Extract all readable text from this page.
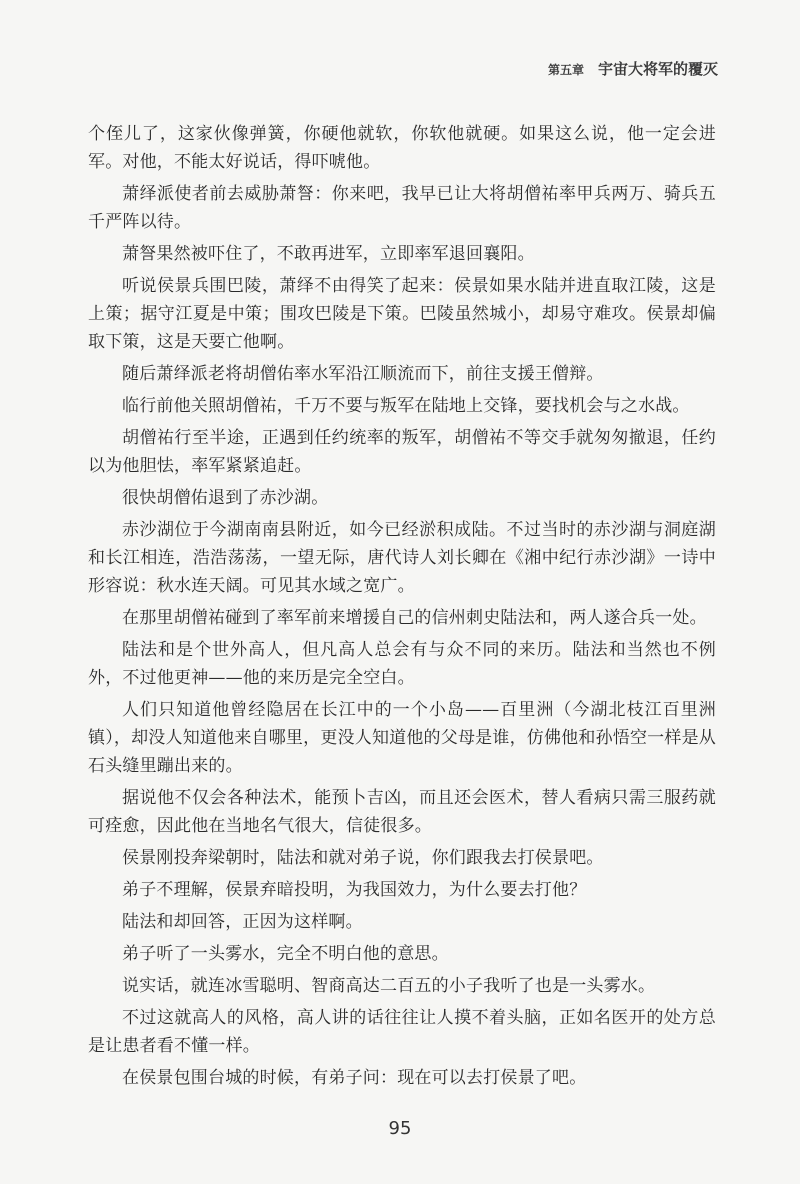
第五章 宇宙大将军的覆灭

个侄儿了，这家伙像弹簧，你硬他就软，你软他就硬。如果这么说，他一定会进军。对他，不能太好说话，得吓唬他。

萧绎派使者前去威胁萧詧：你来吧，我早已让大将胡僧祐率甲兵两万、骑兵五千严阵以待。

萧詧果然被吓住了，不敢再进军，立即率军退回襄阳。

听说侯景兵围巴陵，萧绎不由得笑了起来：侯景如果水陆并进直取江陵，这是上策；据守江夏是中策；围攻巴陵是下策。巴陵虽然城小，却易守难攻。侯景却偏取下策，这是天要亡他啊。

随后萧绎派老将胡僧佑率水军沿江顺流而下，前往支援王僧辩。

临行前他关照胡僧祐，千万不要与叛军在陆地上交锋，要找机会与之水战。

胡僧祐行至半途，正遇到任约统率的叛军，胡僧祐不等交手就匆匆撤退，任约以为他胆怯，率军紧紧追赶。

很快胡僧佑退到了赤沙湖。

赤沙湖位于今湖南南县附近，如今已经淤积成陆。不过当时的赤沙湖与洞庭湖和长江相连，浩浩荡荡，一望无际，唐代诗人刘长卿在《湘中纪行赤沙湖》一诗中形容说：秋水连天阔。可见其水域之宽广。

在那里胡僧祐碰到了率军前来增援自己的信州刺史陆法和，两人遂合兵一处。

陆法和是个世外高人，但凡高人总会有与众不同的来历。陆法和当然也不例外，不过他更神——他的来历是完全空白。

人们只知道他曾经隐居在长江中的一个小岛——百里洲（今湖北枝江百里洲镇），却没人知道他来自哪里，更没人知道他的父母是谁，仿佛他和孙悟空一样是从石头缝里蹦出来的。

据说他不仅会各种法术，能预卜吉凶，而且还会医术，替人看病只需三服药就可痊愈，因此他在当地名气很大，信徒很多。

侯景刚投奔梁朝时，陆法和就对弟子说，你们跟我去打侯景吧。

弟子不理解，侯景弃暗投明，为我国效力，为什么要去打他？

陆法和却回答，正因为这样啊。

弟子听了一头雾水，完全不明白他的意思。

说实话，就连冰雪聪明、智商高达二百五的小子我听了也是一头雾水。

不过这就高人的风格，高人讲的话往往让人摸不着头脑，正如名医开的处方总是让患者看不懂一样。

在侯景包围台城的时候，有弟子问：现在可以去打侯景了吧。

95
